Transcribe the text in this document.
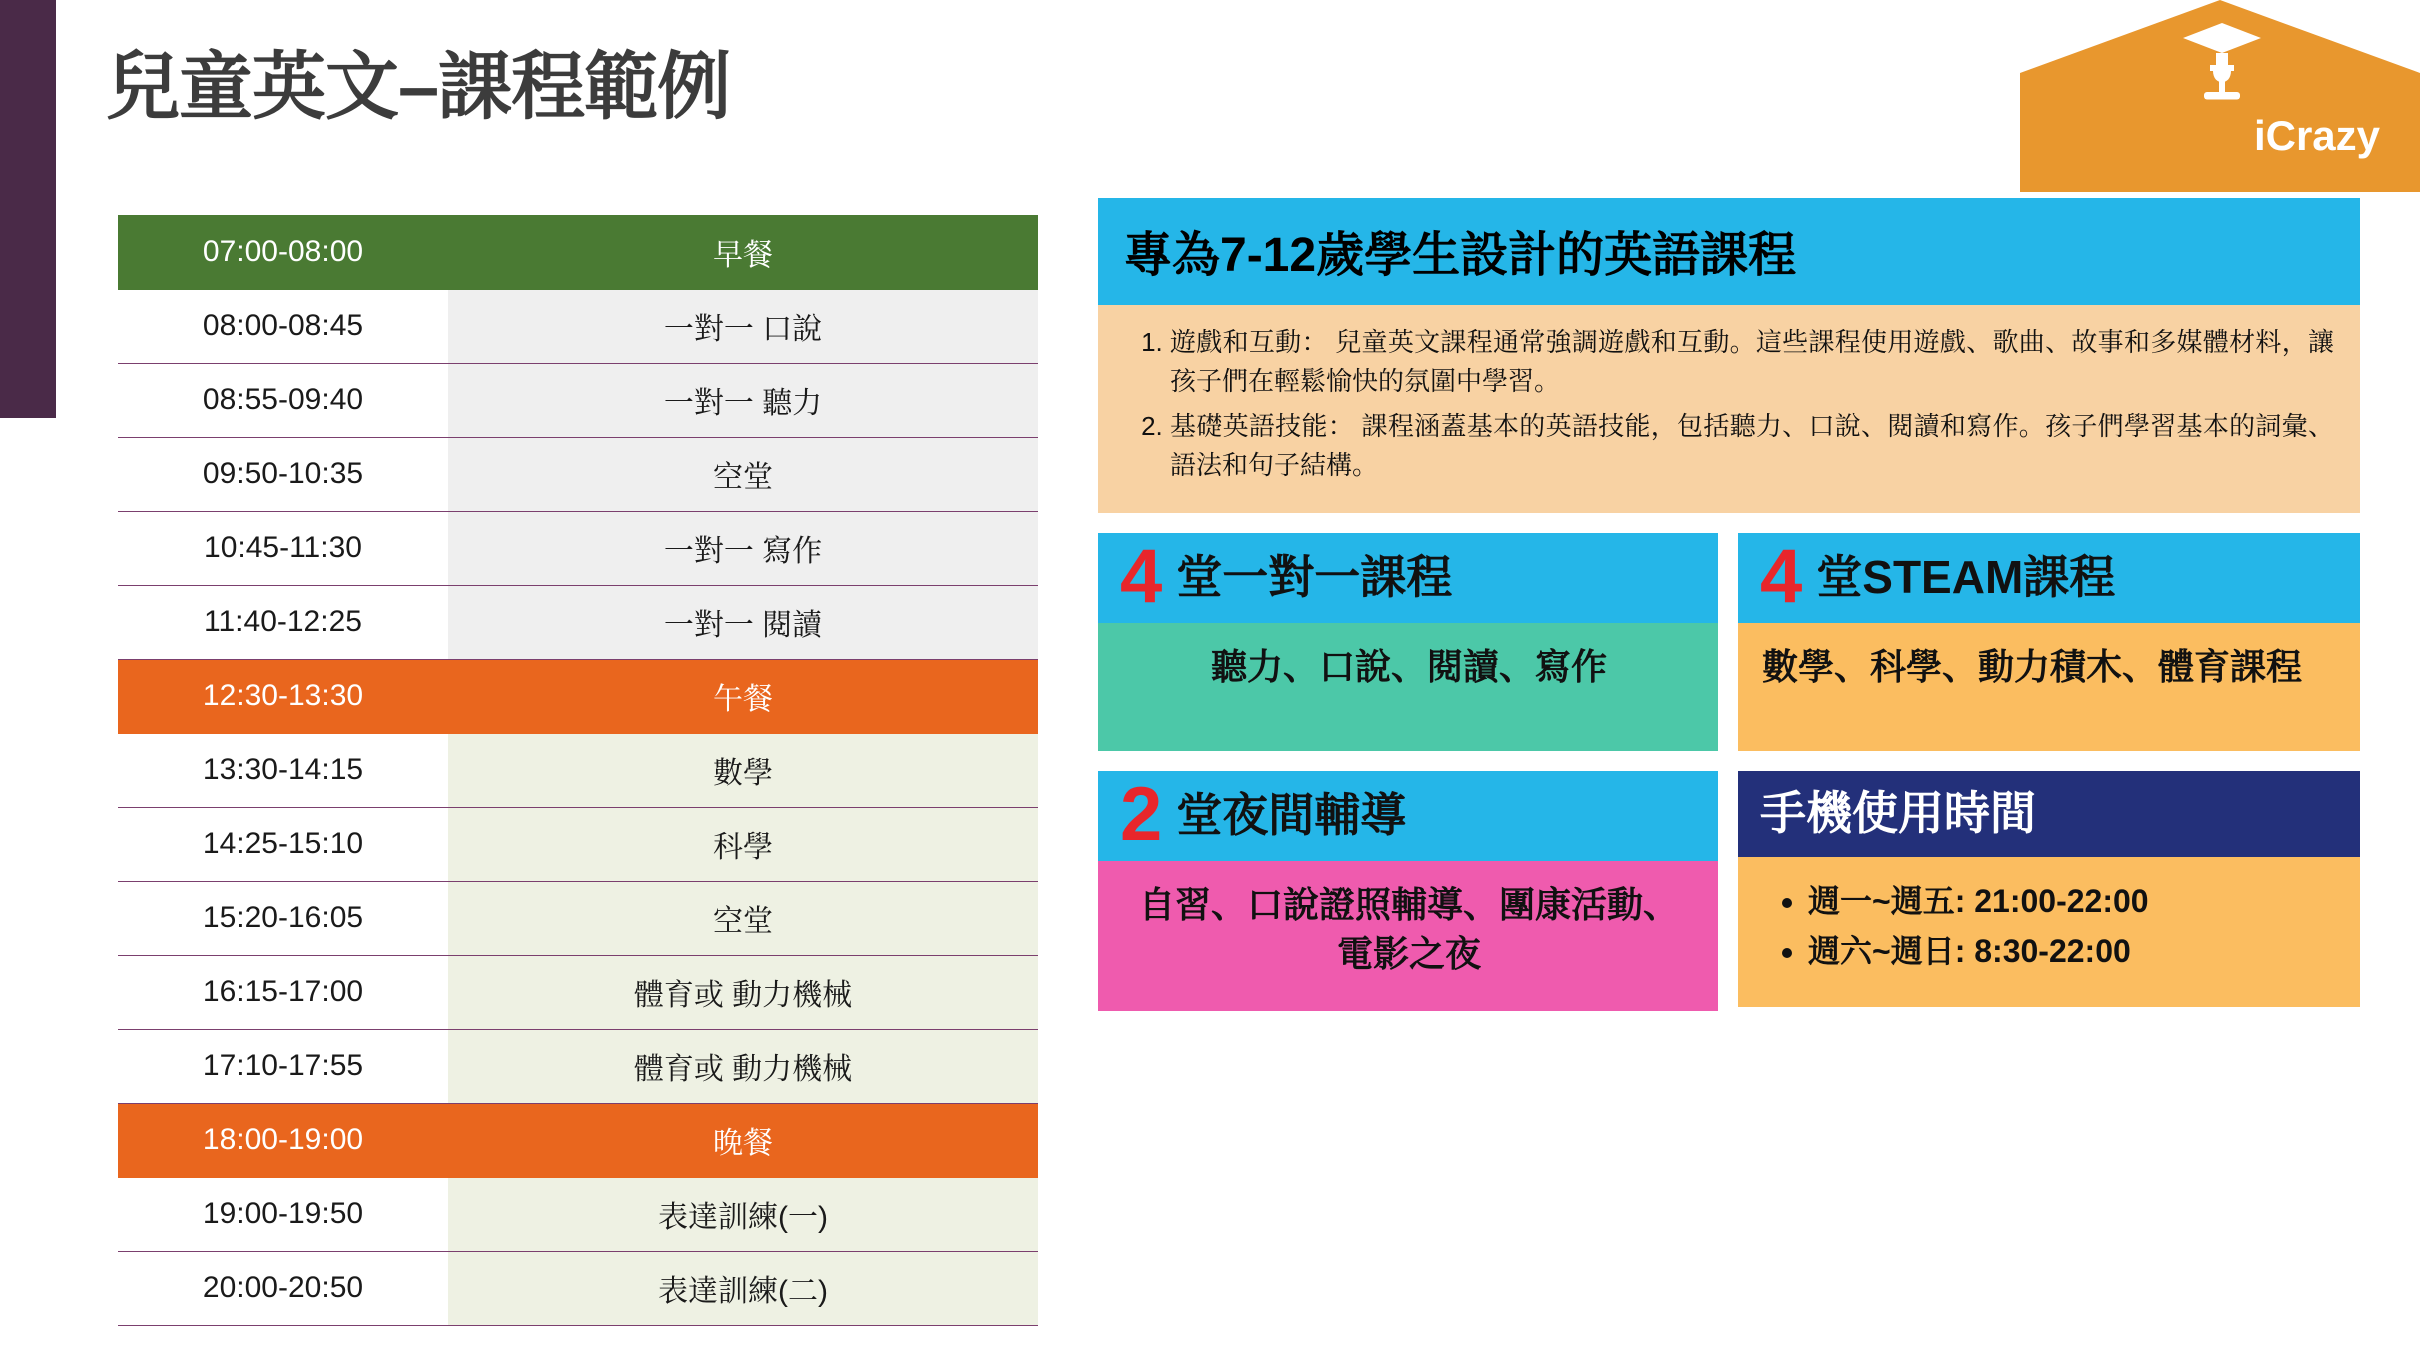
iCrazy
兒童英文–課程範例
07:00-08:00	早餐
08:00-08:45	一對一 口說
08:55-09:40	一對一 聽力
09:50-10:35	空堂
10:45-11:30	一對一 寫作
11:40-12:25	一對一 閱讀
12:30-13:30	午餐
13:30-14:15	數學
14:25-15:10	科學
15:20-16:05	空堂
16:15-17:00	體育或 動力機械
17:10-17:55	體育或 動力機械
18:00-19:00	晚餐
19:00-19:50	表達訓練(一)
20:00-20:50	表達訓練(二)
專為7-12歲學生設計的英語課程
1. 遊戲和互動： 兒童英文課程通常強調遊戲和互動。這些課程使用遊戲、歌曲、故事和多媒體材料，讓孩子們在輕鬆愉快的氛圍中學習。
2. 基礎英語技能： 課程涵蓋基本的英語技能，包括聽力、口說、閱讀和寫作。孩子們學習基本的詞彙、語法和句子結構。
4 堂一對一課程
聽力、口說、閱讀、寫作
4 堂STEAM課程
數學、科學、動力積木、體育課程
2 堂夜間輔導
自習、口說證照輔導、團康活動、電影之夜
手機使用時間
• 週一~週五: 21:00-22:00
• 週六~週日: 8:30-22:00
